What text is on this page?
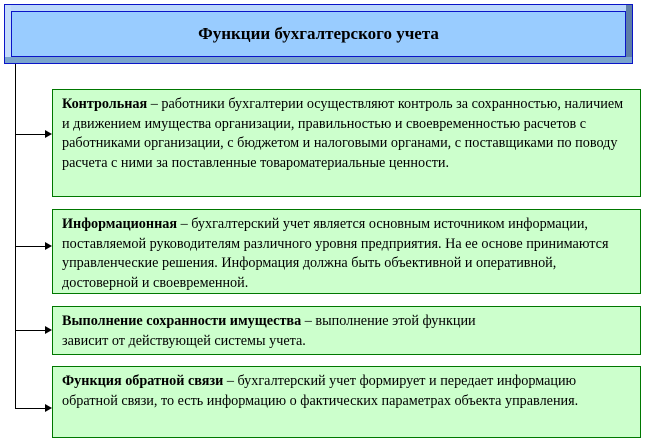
Функции бухгалтерского учета
Контрольная – работники бухгалтерии осуществляют контроль за сохранностью, наличием и движением имущества организации, правильностью и своевременностью расчетов с работниками организации, с бюджетом и налоговыми органами, с поставщиками по поводу расчета с ними за поставленные товароматериальные ценности.
Информационная – бухгалтерский учет является основным источником информации, поставляемой руководителям различного уровня предприятия. На ее основе принимаются управленческие решения. Информация должна быть объективной и оперативной, достоверной и своевременной.
Выполнение сохранности имущества – выполнение этой функции зависит от действующей системы учета.
Функция обратной связи – бухгалтерский учет формирует и передает информацию обратной связи, то есть информацию о фактических параметрах объекта управления.
